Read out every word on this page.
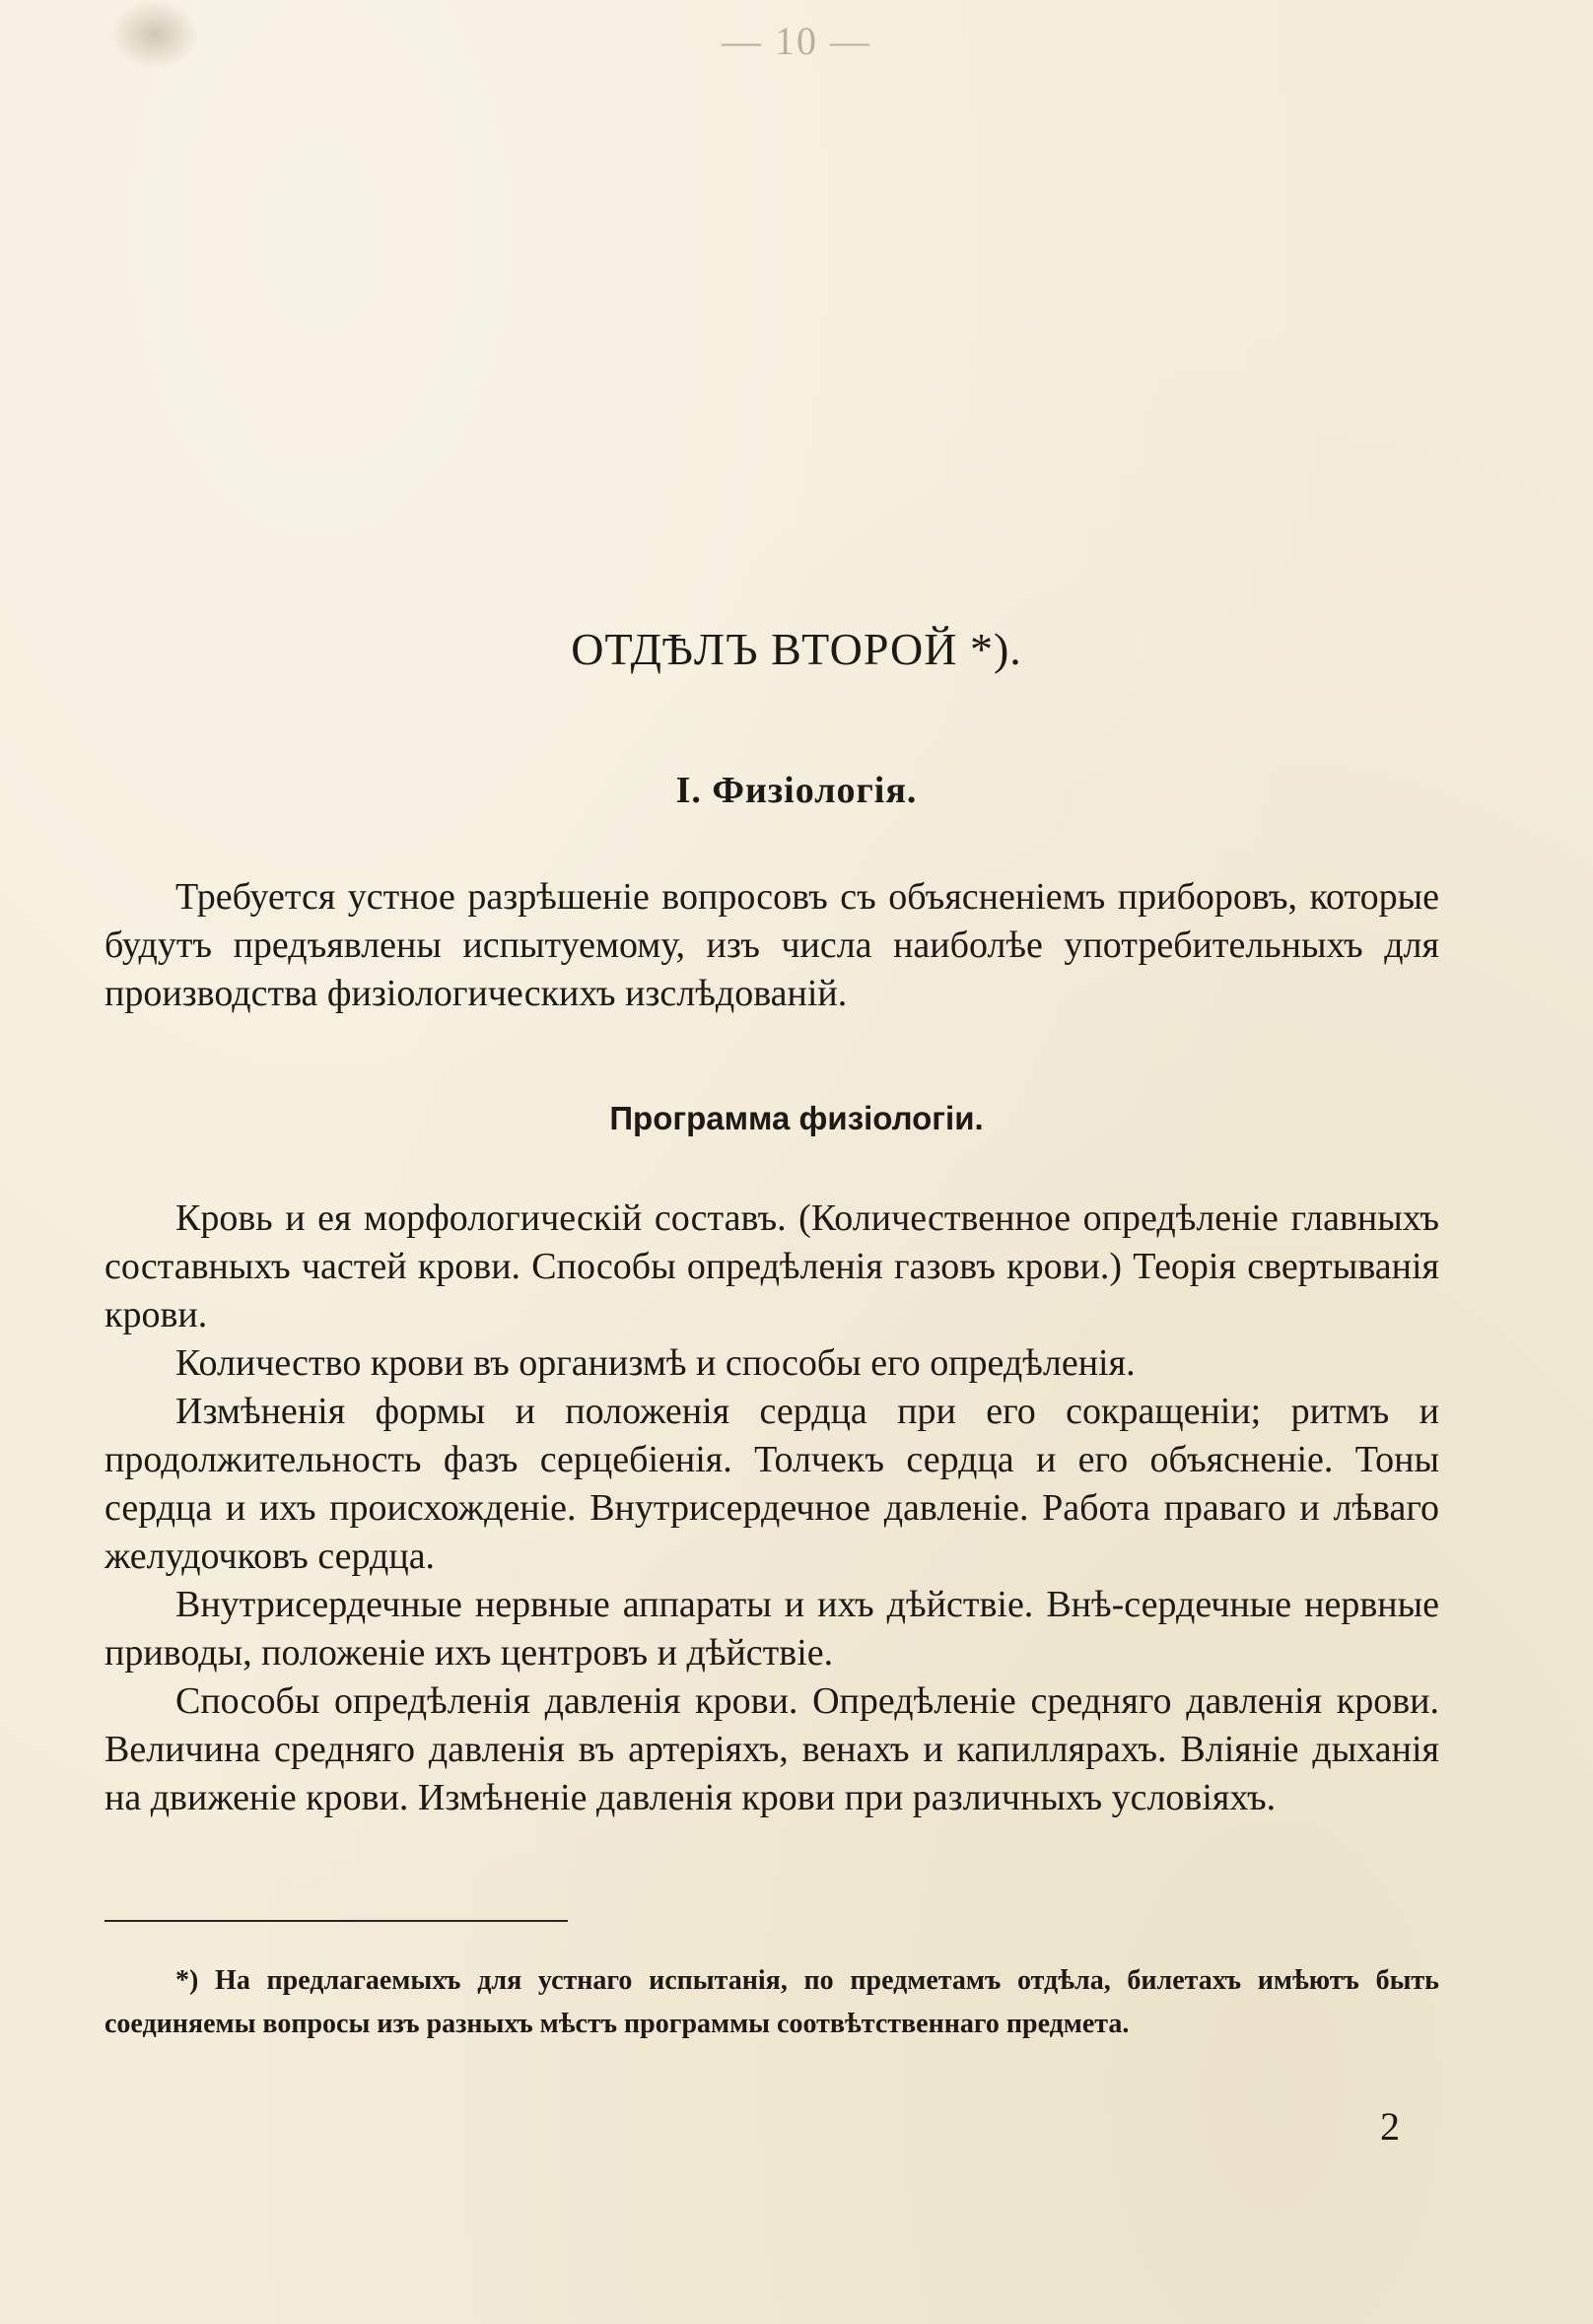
— 10 —
ОТДѢЛЪ ВТОРОЙ *).
I. Физіологія.

Требуется устное разрѣшеніе вопросовъ съ объясненіемъ приборовъ, которые будутъ предъявлены испытуемому, изъ числа наиболѣе употребительныхъ для производства физіологическихъ изслѣдованій.

Программа физіологіи.

Кровь и ея морфологическій составъ. (Количественное опредѣленіе главныхъ составныхъ частей крови. Способы опредѣленія газовъ крови.) Теорія свертыванія крови.

Количество крови въ организмѣ и способы его опредѣленія.

Измѣненія формы и положенія сердца при его сокращеніи; ритмъ и продолжительность фазъ серцебіенія. Толчекъ сердца и его объясненіе. Тоны сердца и ихъ происхожденіе. Внутрисердечное давленіе. Работа праваго и лѣваго желудочковъ сердца.

Внутрисердечные нервные аппараты и ихъ дѣйствіе. Внѣ-сердечные нервные приводы, положеніе ихъ центровъ и дѣйствіе.

Способы опредѣленія давленія крови. Опредѣленіе средняго давленія крови. Величина средняго давленія въ артеріяхъ, венахъ и капиллярахъ. Вліяніе дыханія на движеніе крови. Измѣненіе давленія крови при различныхъ условіяхъ.

*) На предлагаемыхъ для устнаго испытанія, по предметамъ отдѣла, билетахъ имѣютъ быть соединяемы вопросы изъ разныхъ мѣстъ программы соотвѣтственнаго предмета.

2
